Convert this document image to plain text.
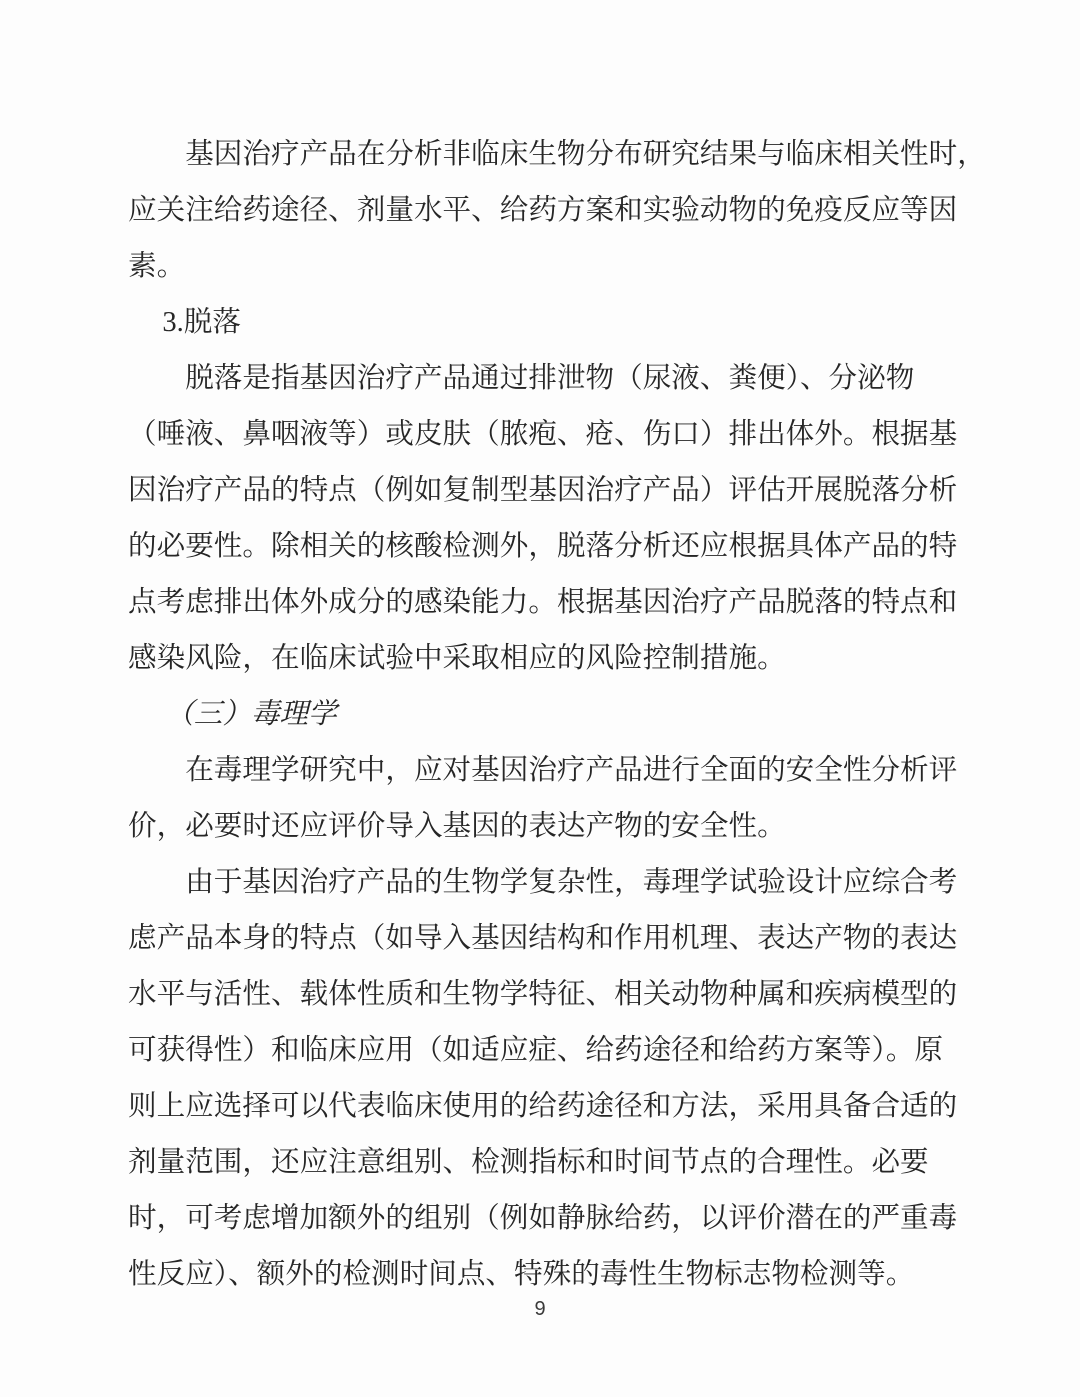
基因治疗产品在分析非临床生物分布研究结果与临床相关性时，
应关注给药途径、剂量水平、给药方案和实验动物的免疫反应等因
素。

3.脱落

脱落是指基因治疗产品通过排泄物（尿液、粪便）、分泌物
（唾液、鼻咽液等）或皮肤（脓疱、疮、伤口）排出体外。根据基
因治疗产品的特点（例如复制型基因治疗产品）评估开展脱落分析
的必要性。除相关的核酸检测外，脱落分析还应根据具体产品的特
点考虑排出体外成分的感染能力。根据基因治疗产品脱落的特点和
感染风险，在临床试验中采取相应的风险控制措施。

（三）毒理学

在毒理学研究中，应对基因治疗产品进行全面的安全性分析评
价，必要时还应评价导入基因的表达产物的安全性。

由于基因治疗产品的生物学复杂性，毒理学试验设计应综合考
虑产品本身的特点（如导入基因结构和作用机理、表达产物的表达
水平与活性、载体性质和生物学特征、相关动物种属和疾病模型的
可获得性）和临床应用（如适应症、给药途径和给药方案等）。原
则上应选择可以代表临床使用的给药途径和方法，采用具备合适的
剂量范围，还应注意组别、检测指标和时间节点的合理性。必要
时，可考虑增加额外的组别（例如静脉给药，以评价潜在的严重毒
性反应）、额外的检测时间点、特殊的毒性生物标志物检测等。

9
